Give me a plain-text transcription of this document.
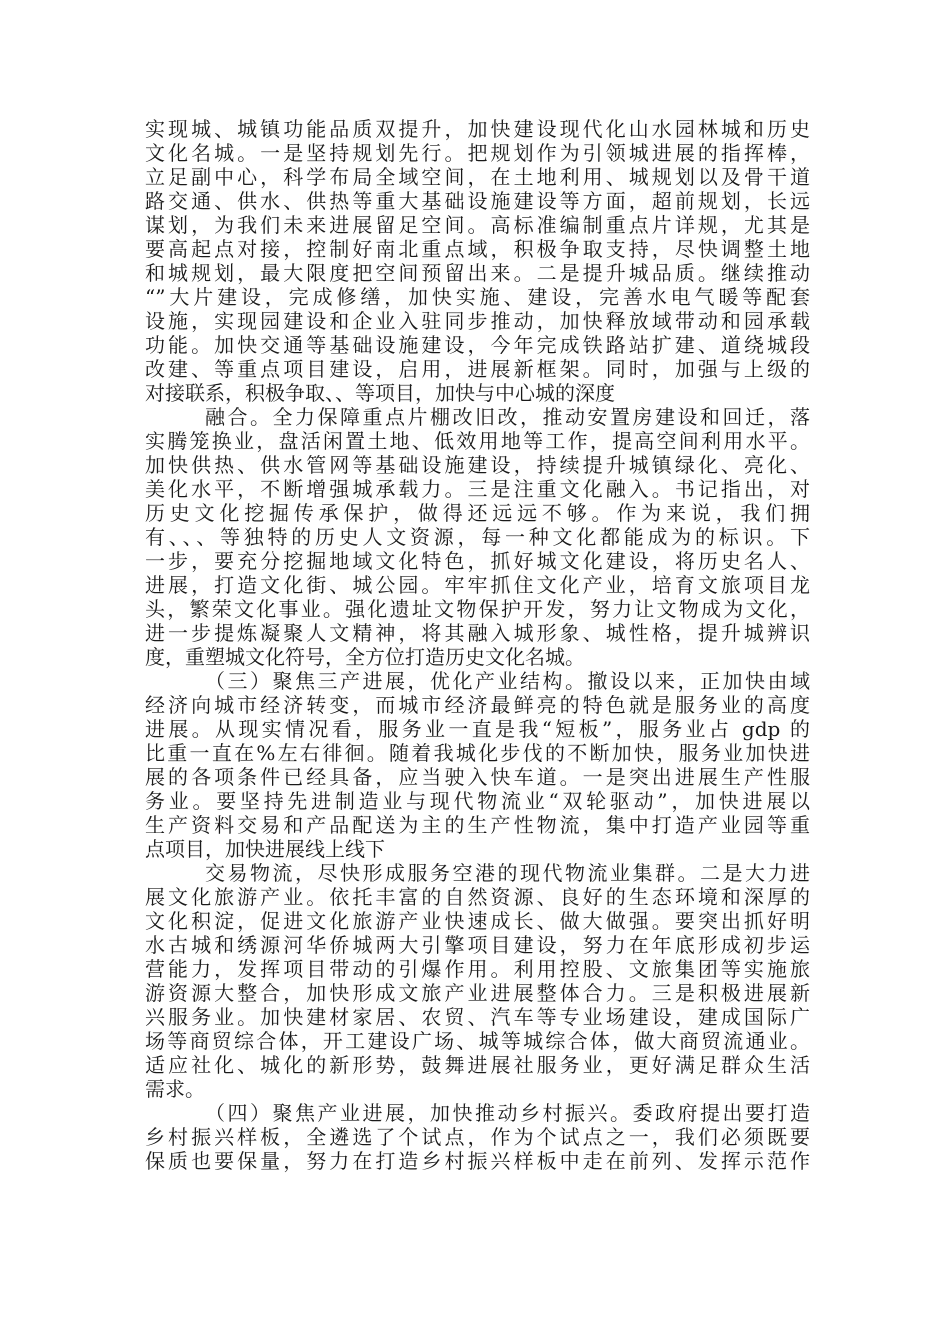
实现城、城镇功能品质双提升，加快建设现代化山水园林城和历史
文化名城。一是坚持规划先行。把规划作为引领城进展的指挥棒，
立足副中心，科学布局全域空间，在土地利用、城规划以及骨干道
路交通、供水、供热等重大基础设施建设等方面，超前规划，长远
谋划，为我们未来进展留足空间。高标准编制重点片详规，尤其是
要高起点对接，控制好南北重点域，积极争取支持，尽快调整土地
和城规划，最大限度把空间预留出来。二是提升城品质。继续推动
“”大片建设，完成修缮，加快实施、建设，完善水电气暖等配套
设施，实现园建设和企业入驻同步推动，加快释放域带动和园承载
功能。加快交通等基础设施建设，今年完成铁路站扩建、道绕城段
改建、等重点项目建设，启用，进展新框架。同时，加强与上级的
对接联系，积极争取、、等项目，加快与中心城的深度
融合。全力保障重点片棚改旧改，推动安置房建设和回迁，落
实腾笼换业，盘活闲置土地、低效用地等工作，提高空间利用水平。
加快供热、供水管网等基础设施建设，持续提升城镇绿化、亮化、
美化水平，不断增强城承载力。三是注重文化融入。书记指出，对
历史文化挖掘传承保护，做得还远远不够。作为来说，我们拥
有、、、等独特的历史人文资源，每一种文化都能成为的标识。下
一步，要充分挖掘地域文化特色，抓好城文化建设，将历史名人、
进展，打造文化街、城公园。牢牢抓住文化产业，培育文旅项目龙
头，繁荣文化事业。强化遗址文物保护开发，努力让文物成为文化，
进一步提炼凝聚人文精神，将其融入城形象、城性格，提升城辨识
度，重塑城文化符号，全方位打造历史文化名城。
（三）聚焦三产进展，优化产业结构。撤设以来，正加快由域
经济向城市经济转变，而城市经济最鲜亮的特色就是服务业的高度
进展。从现实情况看，服务业一直是我“短板”，服务业占 gdp 的
比重一直在%左右徘徊。随着我城化步伐的不断加快，服务业加快进
展的各项条件已经具备，应当驶入快车道。一是突出进展生产性服
务业。要坚持先进制造业与现代物流业“双轮驱动”，加快进展以
生产资料交易和产品配送为主的生产性物流，集中打造产业园等重
点项目，加快进展线上线下
交易物流，尽快形成服务空港的现代物流业集群。二是大力进
展文化旅游产业。依托丰富的自然资源、良好的生态环境和深厚的
文化积淀，促进文化旅游产业快速成长、做大做强。要突出抓好明
水古城和绣源河华侨城两大引擎项目建设，努力在年底形成初步运
营能力，发挥项目带动的引爆作用。利用控股、文旅集团等实施旅
游资源大整合，加快形成文旅产业进展整体合力。三是积极进展新
兴服务业。加快建材家居、农贸、汽车等专业场建设，建成国际广
场等商贸综合体，开工建设广场、城等城综合体，做大商贸流通业。
适应社化、城化的新形势，鼓舞进展社服务业，更好满足群众生活
需求。
（四）聚焦产业进展，加快推动乡村振兴。委政府提出要打造
乡村振兴样板，全遴选了个试点，作为个试点之一，我们必须既要
保质也要保量，努力在打造乡村振兴样板中走在前列、发挥示范作
